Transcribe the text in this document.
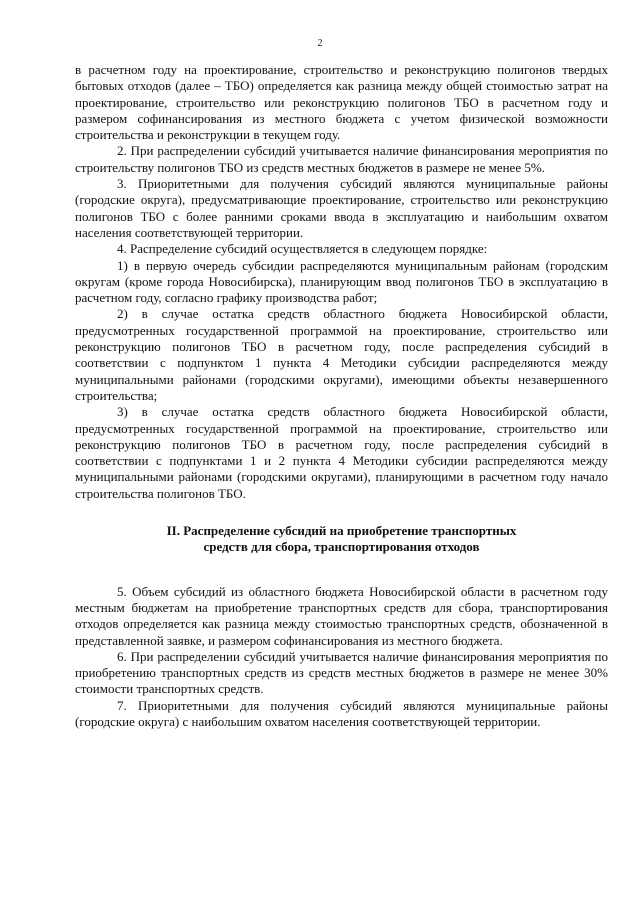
2

в расчетном году на проектирование, строительство и реконструкцию полигонов твердых бытовых отходов (далее – ТБО) определяется как разница между общей стоимостью затрат на проектирование, строительство или реконструкцию полигонов ТБО в расчетном году и размером софинансирования из местного бюджета с учетом физической возможности строительства и реконструкции в текущем году.

2. При распределении субсидий учитывается наличие финансирования мероприятия по строительству полигонов ТБО из средств местных бюджетов в размере не менее 5%.

3. Приоритетными для получения субсидий являются муниципальные районы (городские округа), предусматривающие проектирование, строительство или реконструкцию полигонов ТБО с более ранними сроками ввода в эксплуатацию и наибольшим охватом населения соответствующей территории.

4. Распределение субсидий осуществляется в следующем порядке:

1) в первую очередь субсидии распределяются муниципальным районам (городским округам (кроме города Новосибирска), планирующим ввод полигонов ТБО в эксплуатацию в расчетном году, согласно графику производства работ;

2) в случае остатка средств областного бюджета Новосибирской области, предусмотренных государственной программой на проектирование, строительство или реконструкцию полигонов ТБО в расчетном году, после распределения субсидий в соответствии с подпунктом 1 пункта 4 Методики субсидии распределяются между муниципальными районами (городскими округами), имеющими объекты незавершенного строительства;

3) в случае остатка средств областного бюджета Новосибирской области, предусмотренных государственной программой на проектирование, строительство или реконструкцию полигонов ТБО в расчетном году, после распределения субсидий в соответствии с подпунктами 1 и 2 пункта 4 Методики субсидии распределяются между муниципальными районами (городскими округами), планирующими в расчетном году начало строительства полигонов ТБО.

II. Распределение субсидий на приобретение транспортных
средств для сбора, транспортирования отходов

5. Объем субсидий из областного бюджета Новосибирской области в расчетном году местным бюджетам на приобретение транспортных средств для сбора, транспортирования отходов определяется как разница между стоимостью транспортных средств, обозначенной в представленной заявке, и размером софинансирования из местного бюджета.

6. При распределении субсидий учитывается наличие финансирования мероприятия по приобретению транспортных средств из средств местных бюджетов в размере не менее 30% стоимости транспортных средств.

7. Приоритетными для получения субсидий являются муниципальные районы (городские округа) с наибольшим охватом населения соответствующей территории.
